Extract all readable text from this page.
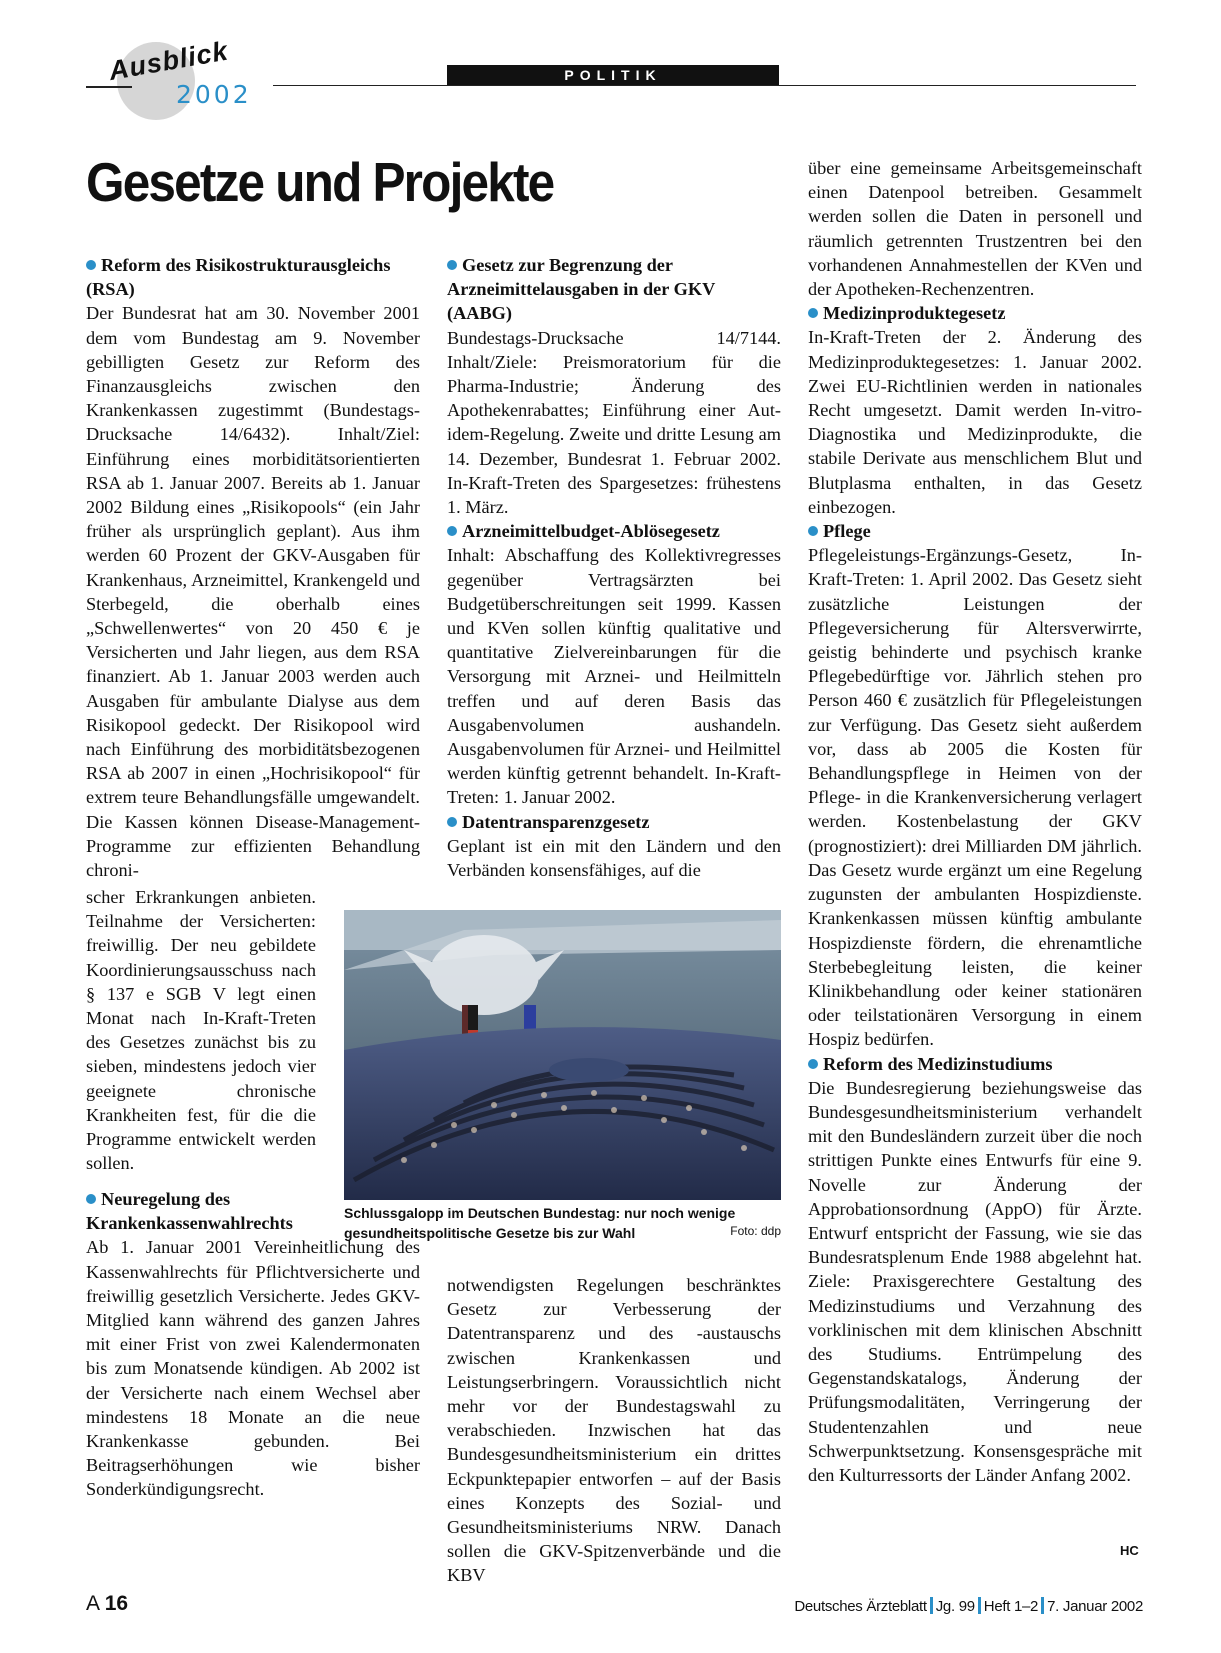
Ausblick
2002
POLITIK
Gesetze und Projekte
Reform des Risikostrukturausgleichs (RSA)

Der Bundesrat hat am 30. November 2001 dem vom Bundestag am 9. November gebilligten Gesetz zur Reform des Finanzausgleichs zwischen den Krankenkassen zugestimmt (Bundestags-Drucksache 14/6432). Inhalt/Ziel: Einführung eines morbiditätsorientierten RSA ab 1. Januar 2007. Bereits ab 1. Januar 2002 Bildung eines „Risikopools“ (ein Jahr früher als ursprünglich geplant). Aus ihm werden 60 Prozent der GKV-Ausgaben für Krankenhaus, Arzneimittel, Krankengeld und Sterbegeld, die oberhalb eines „Schwellenwertes“ von 20 450 € je Versicherten und Jahr liegen, aus dem RSA finanziert. Ab 1. Januar 2003 werden auch Ausgaben für ambulante Dialyse aus dem Risikopool gedeckt. Der Risikopool wird nach Einführung des morbiditätsbezogenen RSA ab 2007 in einen „Hochrisikopool“ für extrem teure Behandlungsfälle umgewandelt. Die Kassen können Disease-Management-Programme zur effizienten Behandlung chroni-

scher Erkrankungen anbieten. Teilnahme der Versicherten: freiwillig. Der neu gebildete Koordinierungsausschuss nach § 137 e SGB V legt einen Monat nach In-Kraft-Treten des Gesetzes zunächst bis zu sieben, mindestens jedoch vier geeignete chronische Krankheiten fest, für die die Programme entwickelt werden sollen.

Neuregelung des Krankenkassenwahlrechts

Ab 1. Januar 2001 Vereinheitlichung des Kassenwahlrechts für Pflichtversicherte und freiwillig gesetzlich Versicherte. Jedes GKV-Mitglied kann während des ganzen Jahres mit einer Frist von zwei Kalendermonaten bis zum Monatsende kündigen. Ab 2002 ist der Versicherte nach einem Wechsel aber mindestens 18 Monate an die neue Krankenkasse gebunden. Bei Beitragserhöhungen wie bisher Sonderkündigungsrecht.

Gesetz zur Begrenzung der Arzneimittelausgaben in der GKV (AABG)

Bundestags-Drucksache 14/7144. Inhalt/Ziele: Preismoratorium für die Pharma-Industrie; Änderung des Apothekenrabattes; Einführung einer Aut-idem-Regelung. Zweite und dritte Lesung am 14. Dezember, Bundesrat 1. Februar 2002. In-Kraft-Treten des Spargesetzes: frühestens 1. März.

Arzneimittelbudget-Ablösegesetz

Inhalt: Abschaffung des Kollektivregresses gegenüber Vertragsärzten bei Budgetüberschreitungen seit 1999. Kassen und KVen sollen künftig qualitative und quantitative Zielvereinbarungen für die Versorgung mit Arznei- und Heilmitteln treffen und auf deren Basis das Ausgabenvolumen aushandeln. Ausgabenvolumen für Arznei- und Heilmittel werden künftig getrennt behandelt. In-Kraft-Treten: 1. Januar 2002.

Datentransparenzgesetz

Geplant ist ein mit den Ländern und den Verbänden konsensfähiges, auf die

Schlussgalopp im Deutschen Bundestag: nur noch wenige gesundheitspolitische Gesetze bis zur Wahl	Foto: ddp

notwendigsten Regelungen beschränktes Gesetz zur Verbesserung der Datentransparenz und des -austauschs zwischen Krankenkassen und Leistungserbringern. Voraussichtlich nicht mehr vor der Bundestagswahl zu verabschieden. Inzwischen hat das Bundesgesundheitsministerium ein drittes Eckpunktepapier entworfen – auf der Basis eines Konzepts des Sozial- und Gesundheitsministeriums NRW. Danach sollen die GKV-Spitzenverbände und die KBV

über eine gemeinsame Arbeitsgemeinschaft einen Datenpool betreiben. Gesammelt werden sollen die Daten in personell und räumlich getrennten Trustzentren bei den vorhandenen Annahmestellen der KVen und der Apotheken-Rechenzentren.

Medizinproduktegesetz

In-Kraft-Treten der 2. Änderung des Medizinproduktegesetzes: 1. Januar 2002. Zwei EU-Richtlinien werden in nationales Recht umgesetzt. Damit werden In-vitro-Diagnostika und Medizinprodukte, die stabile Derivate aus menschlichem Blut und Blutplasma enthalten, in das Gesetz einbezogen.

Pflege

Pflegeleistungs-Ergänzungs-Gesetz, In-Kraft-Treten: 1. April 2002. Das Gesetz sieht zusätzliche Leistungen der Pflegeversicherung für Altersverwirrte, geistig behinderte und psychisch kranke Pflegebedürftige vor. Jährlich stehen pro Person 460 € zusätzlich für Pflegeleistungen zur Verfügung. Das Gesetz sieht außerdem vor, dass ab 2005 die Kosten für Behandlungspflege in Heimen von der Pflege- in die Krankenversicherung verlagert werden. Kostenbelastung der GKV (prognostiziert): drei Milliarden DM jährlich. Das Gesetz wurde ergänzt um eine Regelung zugunsten der ambulanten Hospizdienste. Krankenkassen müssen künftig ambulante Hospizdienste fördern, die ehrenamtliche Sterbebegleitung leisten, die keiner Klinikbehandlung oder keiner stationären oder teilstationären Versorgung in einem Hospiz bedürfen.

Reform des Medizinstudiums

Die Bundesregierung beziehungsweise das Bundesgesundheitsministerium verhandelt mit den Bundesländern zurzeit über die noch strittigen Punkte eines Entwurfs für eine 9. Novelle zur Änderung der Approbationsordnung (AppO) für Ärzte. Entwurf entspricht der Fassung, wie sie das Bundesratsplenum Ende 1988 abgelehnt hat. Ziele: Praxisgerechtere Gestaltung des Medizinstudiums und Verzahnung des vorklinischen mit dem klinischen Abschnitt des Studiums. Entrümpelung des Gegenstandskatalogs, Änderung der Prüfungsmodalitäten, Verringerung der Studentenzahlen und neue Schwerpunktsetzung. Konsensgespräche mit den Kulturressorts der Länder Anfang 2002.

HC
A 16	Deutsches Ärzteblatt Jg. 99 Heft 1–2 7. Januar 2002
